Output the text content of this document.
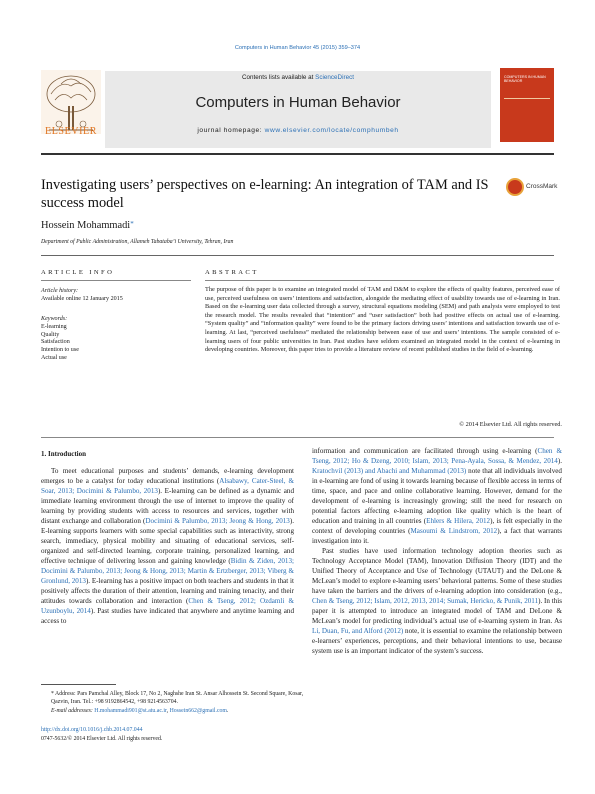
Computers in Human Behavior 45 (2015) 359–374
Contents lists available at ScienceDirect
Computers in Human Behavior
journal homepage: www.elsevier.com/locate/comphumbeh
ELSEVIER
COMPUTERS IN HUMAN BEHAVIOR
Investigating users’ perspectives on e-learning: An integration of TAM and IS success model
CrossMark
Hossein Mohammadi*
Department of Public Administration, Allameh Tabataba’i University, Tehran, Iran
ARTICLE INFO	ABSTRACT
Article history:
Available online 12 January 2015
Keywords:
E-learning
Quality
Satisfaction
Intention to use
Actual use
The purpose of this paper is to examine an integrated model of TAM and D&M to explore the effects of quality features, perceived ease of use, perceived usefulness on users’ intentions and satisfaction, alongside the mediating effect of usability towards use of e-learning in Iran. Based on the e-learning user data collected through a survey, structural equations modeling (SEM) and path analysis were employed to test the research model. The results revealed that “intention” and “user satisfaction” both had positive effects on actual use of e-learning. “System quality” and “information quality” were found to be the primary factors driving users’ intentions and satisfaction towards use of e-learning. At last, “perceived usefulness” mediated the relationship between ease of use and users’ intentions. The sample consisted of e-learning users of four public universities in Iran. Past studies have seldom examined an integrated model in the context of e-learning in developing countries. Moreover, this paper tries to provide a literature review of recent published studies in the field of e-learning.
© 2014 Elsevier Ltd. All rights reserved.
1. Introduction

To meet educational purposes and students’ demands, e-learning development emerges to be a catalyst for today educational institutions (Alsabawy, Cater-Steel, & Soar, 2013; Docimini & Palumbo, 2013). E-learning can be defined as a dynamic and immediate learning environment through the use of internet to improve the quality of learning by providing students with access to resources and services, together with distant exchange and collaboration (Docimini & Palumbo, 2013; Jeong & Hong, 2013). E-learning supports learners with some special capabilities such as interactivity, strong search, immediacy, physical mobility and situating of educational services, self-organized and self-directed learning, corporate training, personalized learning, and effective technique of delivering lesson and gaining knowledge (Bidin & Ziden, 2013; Docimini & Palumbo, 2013; Jeong & Hong, 2013; Martin & Ertzberger, 2013; Viberg & Gronlund, 2013). E-learning has a positive impact on both teachers and students in that it positively affects the duration of their attention, learning and training tenacity, and their attitudes towards collaboration and interaction (Chen & Tseng, 2012; Ozdamli & Uzunboylu, 2014). Past studies have indicated that anywhere and anytime learning and access to

information and communication are facilitated through using e-learning (Chen & Tseng, 2012; Ho & Dzeng, 2010; Islam, 2013; Pena-Ayala, Sossa, & Mendez, 2014). Kratochvil (2013) and Abachi and Muhammad (2013) note that all individuals involved in e-learning are fond of using it towards learning because of flexible access in terms of time, space, and pace and online collaborative learning. However, demand for the development of e-learning is increasingly growing; still the need for research on potential factors affecting e-learning adoption like quality which is the heart of education and training in all countries (Ehlers & Hilera, 2012), is felt especially in the context of developing countries (Masoumi & Lindstrom, 2012), a fact that warrants investigation into it.

Past studies have used information technology adoption theories such as Technology Acceptance Model (TAM), Innovation Diffusion Theory (IDT) and the Unified Theory of Acceptance and Use of Technology (UTAUT) and the DeLone & McLean’s model to explore e-learning users’ behavioral patterns. Some of these studies have taken the barriers and the drivers of e-learning adoption into consideration (e.g., Chen & Tseng, 2012; Islam, 2012, 2013, 2014; Sumak, Hericko, & Punik, 2011). In this paper it is attempted to introduce an integrated model of TAM and DeLone & McLean’s model for predicting individual’s actual use of e-learning system in Iran. As Li, Duan, Fu, and Alford (2012) note, it is essential to examine the relationship between e-learners’ experiences, perceptions, and their behavioral intentions to use, because system use is an important indicator of the system’s success.

* Address: Pars Pamchal Alley, Block 17, No 2, Naghshe Iran St. Ansar Alhossein St. Second Square, Kosar, Qazvin, Iran. Tel.: +98 9192864542, +98 9214563704.
E-mail addresses: H.mohammadi901@st.atu.ac.ir, Hossein662@gmail.com.
http://dx.doi.org/10.1016/j.chb.2014.07.044
0747-5632/© 2014 Elsevier Ltd. All rights reserved.
